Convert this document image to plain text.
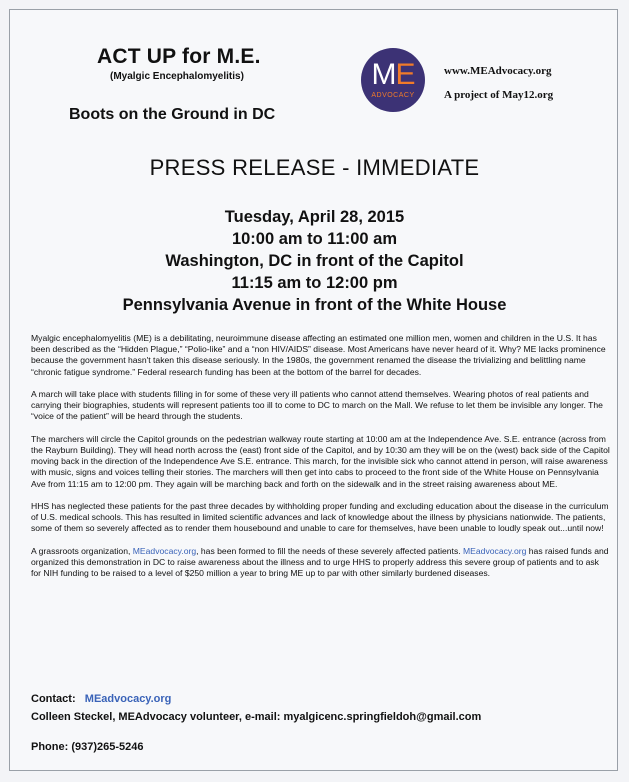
ACT UP for M.E.
(Myalgic Encephalomyelitis)
Boots on the Ground in DC
ME
ADVOCACY
www.MEAdvocacy.org
A project of May12.org
PRESS RELEASE - IMMEDIATE
Tuesday, April 28, 2015
10:00 am to 11:00 am
Washington, DC in front of the Capitol
11:15 am to 12:00 pm
Pennsylvania Avenue in front of the White House

Myalgic encephalomyelitis (ME) is a debilitating, neuroimmune disease affecting an estimated one million men, women and children in the U.S. It has been described as the “Hidden Plague,” “Polio-like” and a “non HIV/AIDS” disease. Most Americans have never heard of it. Why? ME lacks prominence because the government hasn't taken this disease seriously. In the 1980s, the government renamed the disease the trivializing and belittling name “chronic fatigue syndrome.” Federal research funding has been at the bottom of the barrel for decades.

A march will take place with students filling in for some of these very ill patients who cannot attend themselves. Wearing photos of real patients and carrying their biographies, students will represent patients too ill to come to DC to march on the Mall. We refuse to let them be invisible any longer. The “voice of the patient” will be heard through the students.

The marchers will circle the Capitol grounds on the pedestrian walkway route starting at 10:00 am at the Independence Ave. S.E. entrance (across from the Rayburn Building). They will head north across the (east) front side of the Capitol, and by 10:30 am they will be on the (west) back side of the Capitol moving back in the direction of the Independence Ave S.E. entrance. This march, for the invisible sick who cannot attend in person, will raise awareness with music, signs and voices telling their stories. The marchers will then get into cabs to proceed to the front side of the White House on Pennsylvania Ave from 11:15 am to 12:00 pm. They again will be marching back and forth on the sidewalk and in the street raising awareness about ME.

HHS has neglected these patients for the past three decades by withholding proper funding and excluding education about the disease in the curriculum of U.S. medical schools. This has resulted in limited scientific advances and lack of knowledge about the illness by physicians nationwide. The patients, some of them so severely affected as to render them housebound and unable to care for themselves, have been unable to loudly speak out...until now!

A grassroots organization, MEadvocacy.org, has been formed to fill the needs of these severely affected patients. MEadvocacy.org has raised funds and organized this demonstration in DC to raise awareness about the illness and to urge HHS to properly address this severe group of patients and to ask for NIH funding to be raised to a level of $250 million a year to bring ME up to par with other similarly burdened diseases.

Contact: MEadvocacy.org
Colleen Steckel, MEAdvocacy volunteer, e-mail: myalgicenc.springfieldoh@gmail.com
Phone: (937)265-5246
